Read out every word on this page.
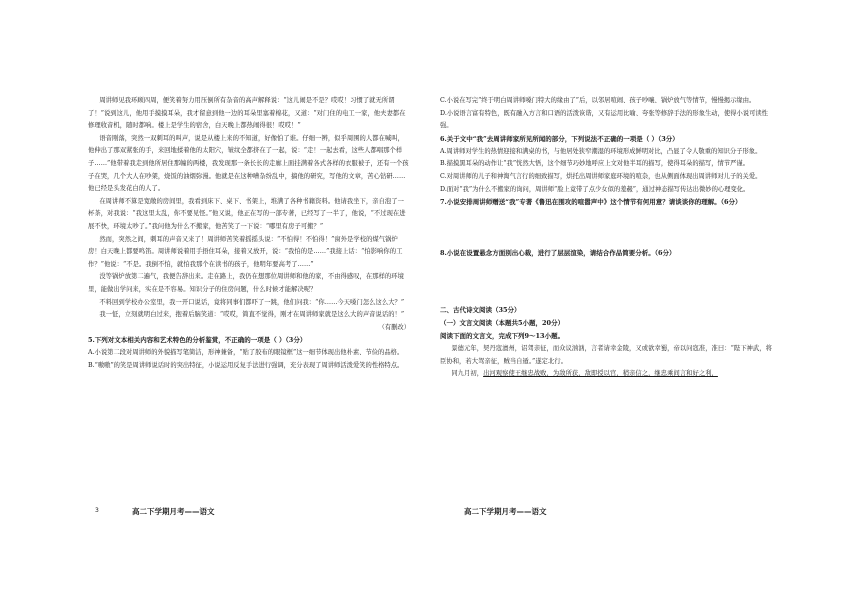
周讲师见我环顾四周，便笑着努力用压倒所有杂音的高声解释说：“这儿闹是不是？哎哎！习惯了就无所谓了！”说到这儿，他用手摸摸耳朵，我才留意到他一边的耳朵里塞着棉花，又道：“对门住的电工一家，他夫妻都在修理收音机，随时都响。楼上是学生的宿舍，白天晚上都热闹得很！哎哎！”

语音刚落，突然一双刺耳的叫声，说是从楼上来的不知道，好像怕了谁。仔细一辨，似乎周围的人都在喊叫，他伸出了那双紧张的手，来回地揉着他的太阳穴，皱纹全都挤在了一起，说：“走！一起去看，这些人都唱那个样子……”他带着我走到他所居住那幢的两楼，我发现那一条长长的走廊上面挂满着各式各样的衣服被子，还有一个孩子在哭，几个大人在吵架，烧饭的油烟弥漫。他就是在这种嘈杂纷乱中，搞他的研究，写他的文章，苦心钻研……他已经是头发花白的人了。

在周讲师不算是宽敞的房间里，我看到床下、桌下、书架上，堆满了各种书籍资料。他请我坐下，亲自泡了一杯茶，对我说：“我这里太乱，你不要见怪。”他又说，他正在写的一部专著，已经写了一半了，他说，“不过现在进展不快，环境太吵了。”我问他为什么不搬家，他苦笑了一下说：“哪里有房子可搬？”

然而，突然之间，刺耳的声音又来了！周讲师苦笑着摇摇头说：“不怕得！不怕得！”窗外是学校的煤气锅炉房！白天晚上都要鸣笛。周讲师说着用手捂住耳朵，接着又放开，说：“我怕的是……”我接上话：“怕影响你的工作？”他说：“不是。我倒不怕，就怕我那个在读书的孩子，他明年要高考了……”

没等锅炉放第二遍气，我便告辞出来。走在路上，我仍在想那位周讲师和他的家，不由得感叹，在那样的环境里，能做出学问来，实在是不容易。知识分子的住房问题，什么时候才能解决呢？

不料回到学校办公室里，我一开口说话，竟将同事们都吓了一跳，他们问我：“你……今天嗓门怎么这么大？”

我一怔，立刻就明白过来，抱着后脑笑道：“哎哎，简直不觉得，刚才在周讲师家就是这么大的声音说话的！”

（有删改）

5.下列对文本相关内容和艺术特色的分析鉴赏，不正确的一项是（ ）（3分）

A.小说第二段对周讲师的外貌描写笔简洁，形神兼备，“贴了胶布的眼镜框”这一细节体现出他朴素、节俭的品格。

B.“嗷嗷”的笑是周讲师说话时的突出特征，小说运用反复手法进行强调，充分表现了周讲师活泼爱笑的性格特点。

3	高二下学期月考——语文

C.小说在写完“终于明白周讲师嗓门特大的缘由了”后，以邻居喧闹、孩子吵嚷、锅炉放气等情节，慢慢揭示缘由。

D.小说语言富有特色，既有融入方言和口语的活泼诙谐，又有运用比喻、夸张等修辞手法的形象生动，使得小说可读性强。

6.关于文中“我”去周讲师家所见所闻的部分，下列说法不正确的一项是（ ）（3分）

A.周讲师对学生的热情迎接和满桌的书，与他居处狭窄潮湿的环境形成鲜明对比，凸显了令人敬重的知识分子形象。

B.描摸黑耳朵的动作让“我”恍然大悟，这个细节巧妙地呼应上文对他半耳的描写，使得耳朵的描写，情节严谨。

C.对周讲师的儿子和神淘气言行的细致描写，烘托出周讲师家庭环境的喧杂，也从侧面体现出周讲师对儿子的关爱。

D.面对“我”为什么不搬家的询问，周讲师“脸上竟带了点少女似的羞赧”，通过神态描写传达出微妙的心理变化。

7.小说安排周讲师赠送“我”专著《鲁迅在围攻的喧嚣声中》这个情节有何用意？请谈谈你的理解。（6分）

8.小说在设置悬念方面别出心裁，进行了层层渲染，请结合作品简要分析。（6分）

二、古代诗文阅读（35分）

（一）文言文阅读（本题共5小题，20分）

阅读下面的文言文，完成下列9～13小题。

景德元年，契丹寇澶州，诏驾亲征，而众议汹汹，言者请幸金陵，又或欲幸蜀，帝以问寇准，准曰：“陛下神武，将臣协和，若大驾亲征，贼当自遁。”遂定北行。

同九月初，出河观察使王继忠战败，为敌所获，敌即授以官，稍亲信之，继忠乘间言和好之利，

高二下学期月考——语文
